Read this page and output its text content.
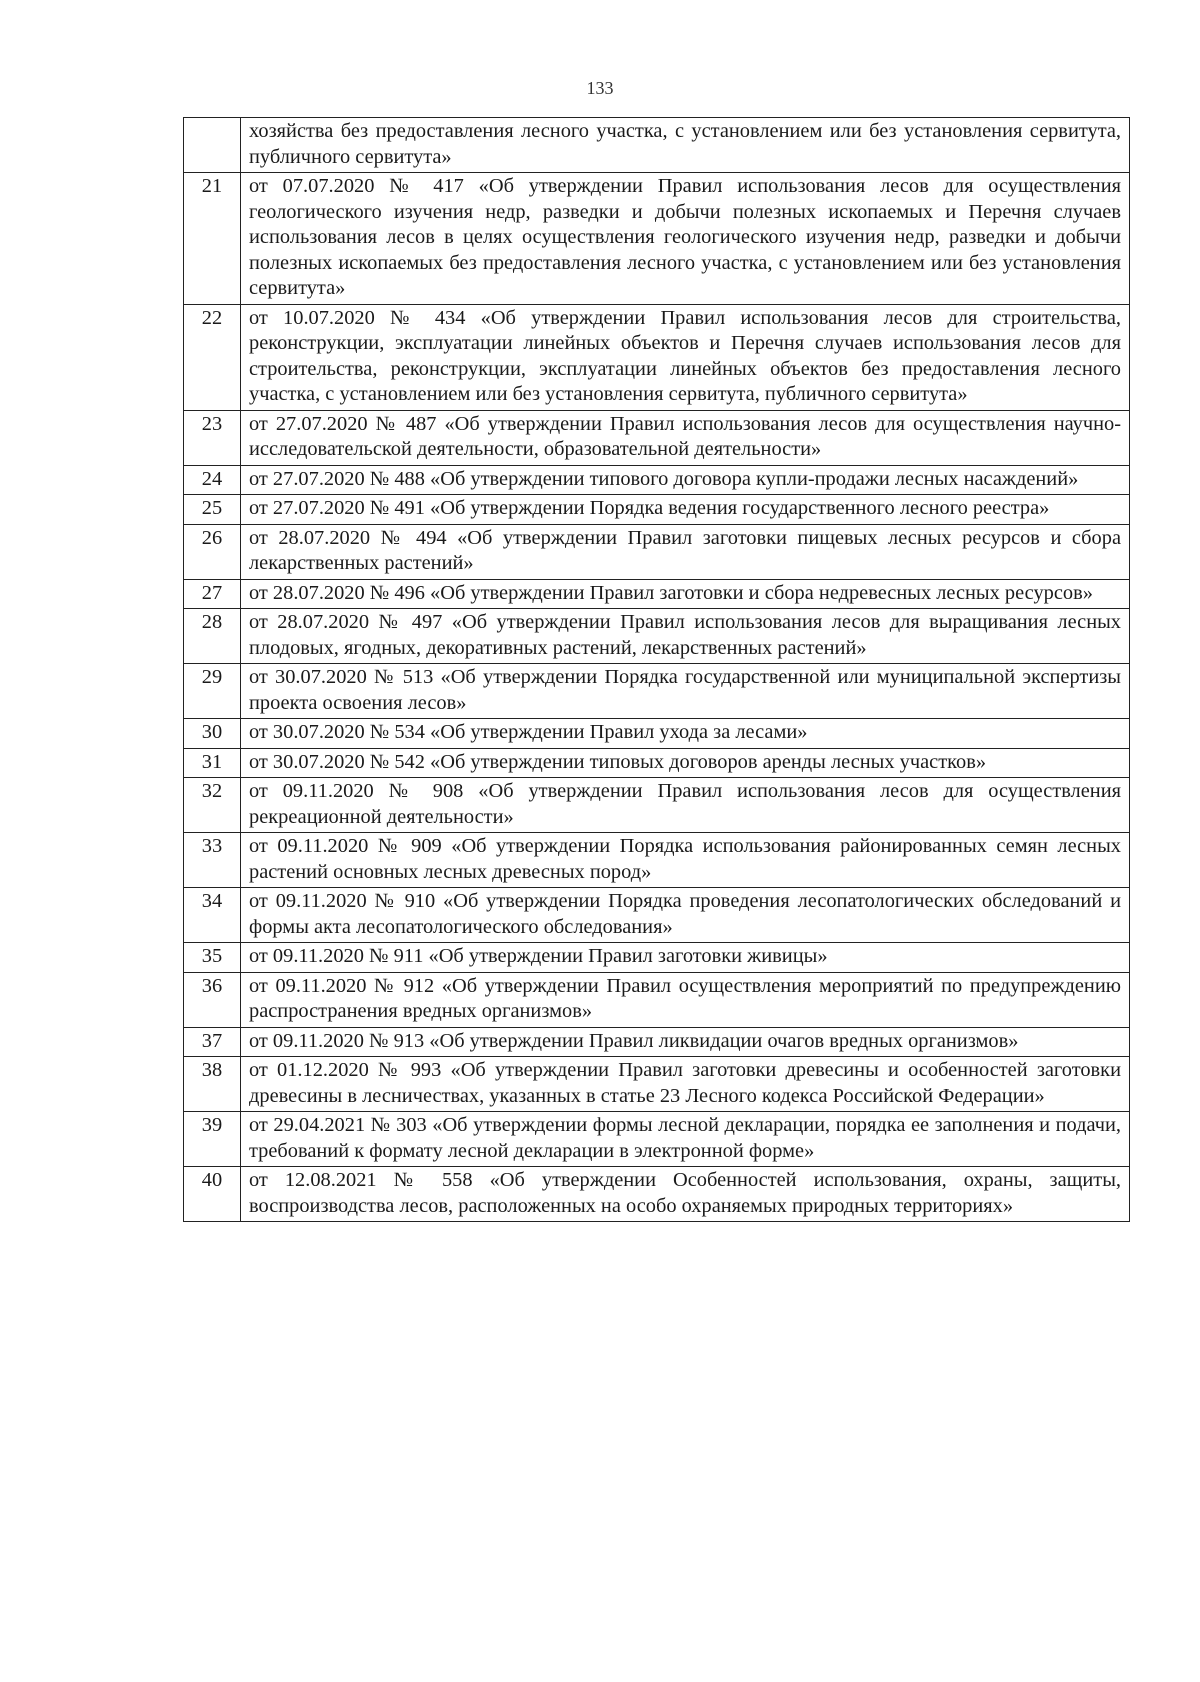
133
	хозяйства без предоставления лесного участка, с установлением или без установления сервитута, публичного сервитута»
21	от 07.07.2020 № 417 «Об утверждении Правил использования лесов для осуществления геологического изучения недр, разведки и добычи полезных ископаемых и Перечня случаев использования лесов в целях осуществления геологического изучения недр, разведки и добычи полезных ископаемых без предоставления лесного участка, с установлением или без установления сервитута»
22	от 10.07.2020 № 434 «Об утверждении Правил использования лесов для строительства, реконструкции, эксплуатации линейных объектов и Перечня случаев использования лесов для строительства, реконструкции, эксплуатации линейных объектов без предоставления лесного участка, с установлением или без установления сервитута, публичного сервитута»
23	от 27.07.2020 № 487 «Об утверждении Правил использования лесов для осуществления научно-исследовательской деятельности, образовательной деятельности»
24	от 27.07.2020 № 488 «Об утверждении типового договора купли-продажи лесных насаждений»
25	от 27.07.2020 № 491 «Об утверждении Порядка ведения государственного лесного реестра»
26	от 28.07.2020 № 494 «Об утверждении Правил заготовки пищевых лесных ресурсов и сбора лекарственных растений»
27	от 28.07.2020 № 496 «Об утверждении Правил заготовки и сбора недревесных лесных ресурсов»
28	от 28.07.2020 № 497 «Об утверждении Правил использования лесов для выращивания лесных плодовых, ягодных, декоративных растений, лекарственных растений»
29	от 30.07.2020 № 513 «Об утверждении Порядка государственной или муниципальной экспертизы проекта освоения лесов»
30	от 30.07.2020 № 534 «Об утверждении Правил ухода за лесами»
31	от 30.07.2020 № 542 «Об утверждении типовых договоров аренды лесных участков»
32	от 09.11.2020 № 908 «Об утверждении Правил использования лесов для осуществления рекреационной деятельности»
33	от 09.11.2020 № 909 «Об утверждении Порядка использования районированных семян лесных растений основных лесных древесных пород»
34	от 09.11.2020 № 910 «Об утверждении Порядка проведения лесопатологических обследований и формы акта лесопатологического обследования»
35	от 09.11.2020 № 911 «Об утверждении Правил заготовки живицы»
36	от 09.11.2020 № 912 «Об утверждении Правил осуществления мероприятий по предупреждению распространения вредных организмов»
37	от 09.11.2020 № 913 «Об утверждении Правил ликвидации очагов вредных организмов»
38	от 01.12.2020 № 993 «Об утверждении Правил заготовки древесины и особенностей заготовки древесины в лесничествах, указанных в статье 23 Лесного кодекса Российской Федерации»
39	от 29.04.2021 № 303 «Об утверждении формы лесной декларации, порядка ее заполнения и подачи, требований к формату лесной декларации в электронной форме»
40	от 12.08.2021 № 558 «Об утверждении Особенностей использования, охраны, защиты, воспроизводства лесов, расположенных на особо охраняемых природных территориях»
